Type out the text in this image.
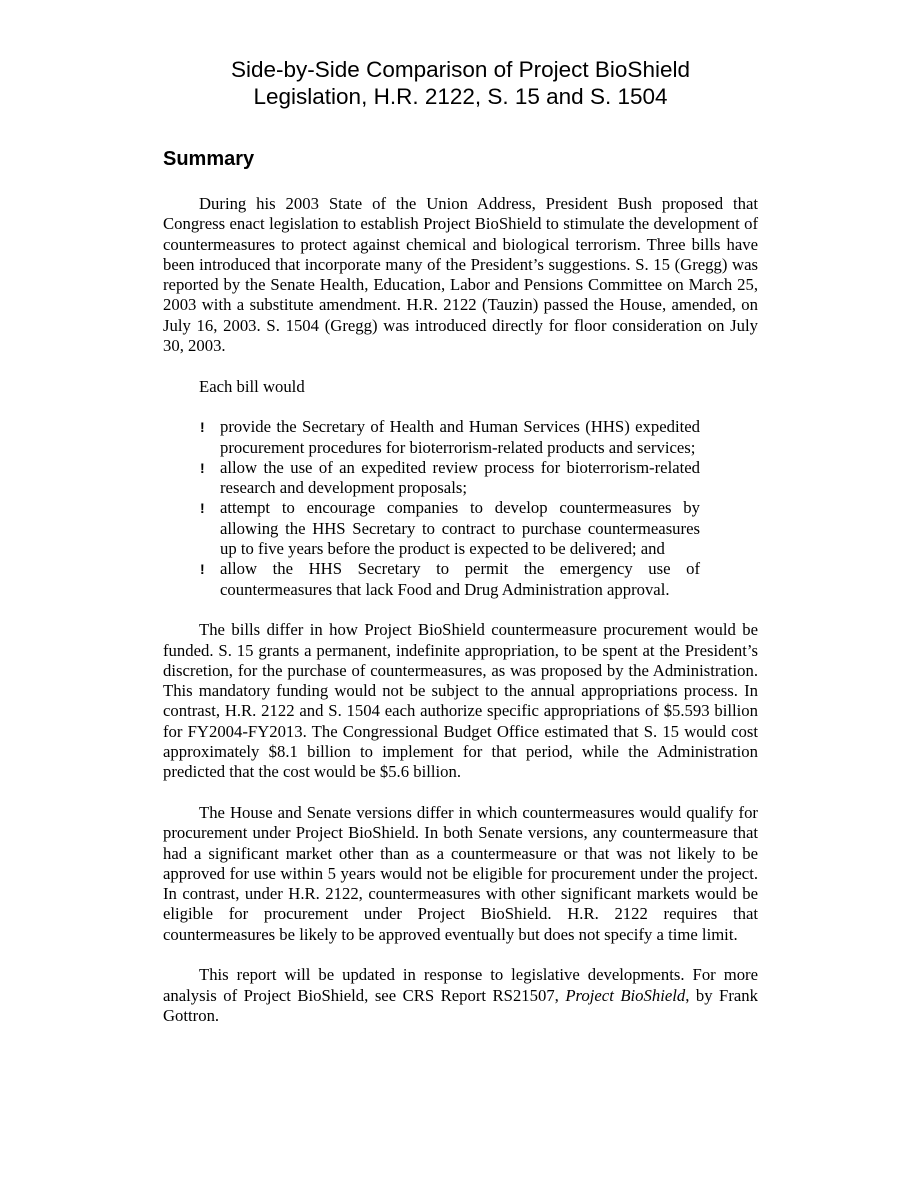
Side-by-Side Comparison of Project BioShield
Legislation, H.R. 2122, S. 15 and S. 1504
Summary

During his 2003 State of the Union Address, President Bush proposed that Congress enact legislation to establish Project BioShield to stimulate the development of countermeasures to protect against chemical and biological terrorism. Three bills have been introduced that incorporate many of the President’s suggestions. S. 15 (Gregg) was reported by the Senate Health, Education, Labor and Pensions Committee on March 25, 2003 with a substitute amendment. H.R. 2122 (Tauzin) passed the House, amended, on July 16, 2003. S. 1504 (Gregg) was introduced directly for floor consideration on July 30, 2003.

Each bill would

! provide the Secretary of Health and Human Services (HHS) expedited procurement procedures for bioterrorism-related products and services;
! allow the use of an expedited review process for bioterrorism-related research and development proposals;
! attempt to encourage companies to develop countermeasures by allowing the HHS Secretary to contract to purchase countermeasures up to five years before the product is expected to be delivered; and
! allow the HHS Secretary to permit the emergency use of countermeasures that lack Food and Drug Administration approval.

The bills differ in how Project BioShield countermeasure procurement would be funded. S. 15 grants a permanent, indefinite appropriation, to be spent at the President’s discretion, for the purchase of countermeasures, as was proposed by the Administration. This mandatory funding would not be subject to the annual appropriations process. In contrast, H.R. 2122 and S. 1504 each authorize specific appropriations of $5.593 billion for FY2004-FY2013. The Congressional Budget Office estimated that S. 15 would cost approximately $8.1 billion to implement for that period, while the Administration predicted that the cost would be $5.6 billion.

The House and Senate versions differ in which countermeasures would qualify for procurement under Project BioShield. In both Senate versions, any countermeasure that had a significant market other than as a countermeasure or that was not likely to be approved for use within 5 years would not be eligible for procurement under the project. In contrast, under H.R. 2122, countermeasures with other significant markets would be eligible for procurement under Project BioShield. H.R. 2122 requires that countermeasures be likely to be approved eventually but does not specify a time limit.

This report will be updated in response to legislative developments. For more analysis of Project BioShield, see CRS Report RS21507, Project BioShield, by Frank Gottron.
